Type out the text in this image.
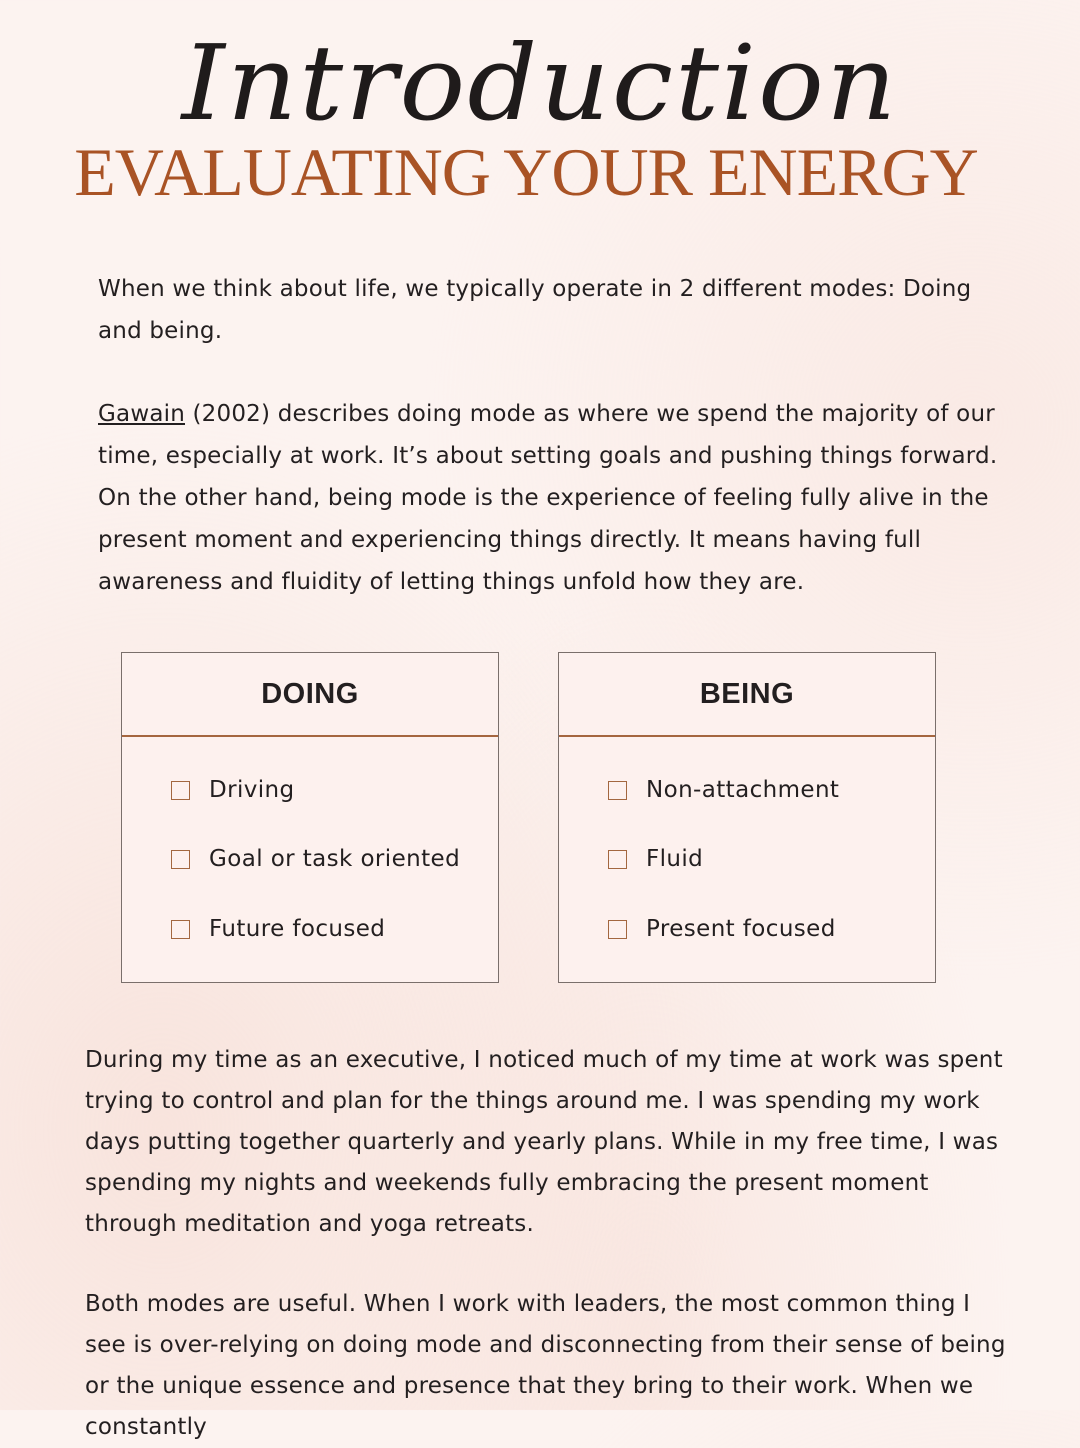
Introduction
EVALUATING YOUR ENERGY

When we think about life, we typically operate in 2 different modes: Doing and being.

Gawain (2002) describes doing mode as where we spend the majority of our time, especially at work. It’s about setting goals and pushing things forward. On the other hand, being mode is the experience of feeling fully alive in the present moment and experiencing things directly. It means having full awareness and fluidity of letting things unfold how they are.

DOING
Driving
Goal or task oriented
Future focused
BEING
Non-attachment
Fluid
Present focused

During my time as an executive, I noticed much of my time at work was spent trying to control and plan for the things around me. I was spending my work days putting together quarterly and yearly plans. While in my free time, I was spending my nights and weekends fully embracing the present moment through meditation and yoga retreats.

Both modes are useful. When I work with leaders, the most common thing I see is over-relying on doing mode and disconnecting from their sense of being or the unique essence and presence that they bring to their work. When we constantly
